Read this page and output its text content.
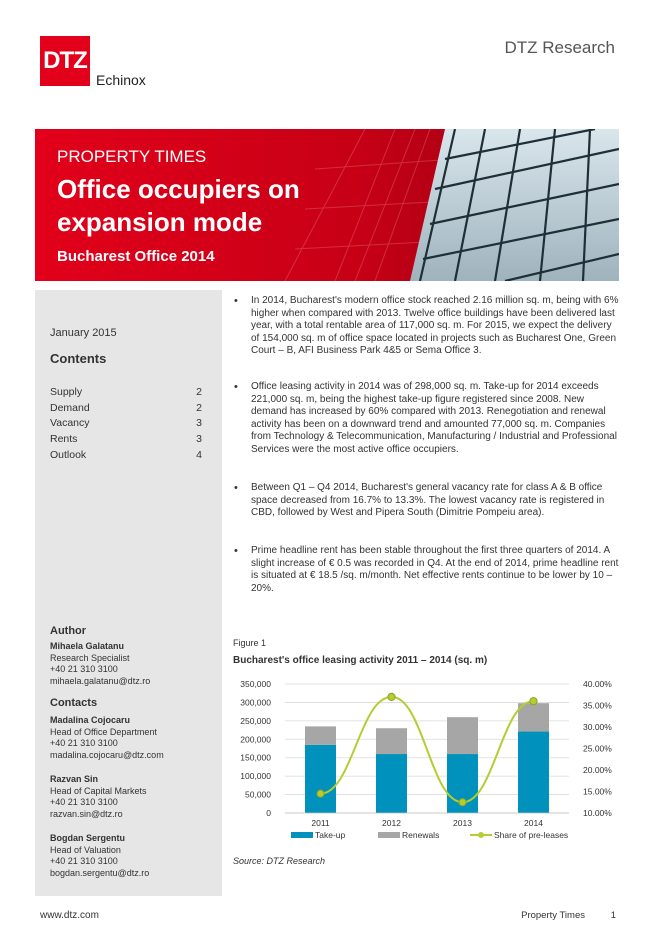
DTZ
Echinox
DTZ Research
PROPERTY TIMES
Office occupiers on expansion mode
Bucharest Office 2014
January 2015
Contents
Supply	2
Demand	2
Vacancy	3
Rents	3
Outlook	4
Author
Mihaela Galatanu
Research Specialist
+40 21 310 3100
mihaela.galatanu@dtz.ro
Contacts
Madalina Cojocaru
Head of Office Department
+40 21 310 3100
madalina.cojocaru@dtz.com
Razvan Sin
Head of Capital Markets
+40 21 310 3100
razvan.sin@dtz.ro
Bogdan Sergentu
Head of Valuation
+40 21 310 3100
bogdan.sergentu@dtz.ro
• In 2014, Bucharest's modern office stock reached 2.16 million sq. m, being with 6% higher when compared with 2013. Twelve office buildings have been delivered last year, with a total rentable area of 117,000 sq. m. For 2015, we expect the delivery of 154,000 sq. m of office space located in projects such as Bucharest One, Green Court – B, AFI Business Park 4&5 or Sema Office 3.
• Office leasing activity in 2014 was of 298,000 sq. m. Take-up for 2014 exceeds 221,000 sq. m, being the highest take-up figure registered since 2008. New demand has increased by 60% compared with 2013. Renegotiation and renewal activity has been on a downward trend and amounted 77,000 sq. m. Companies from Technology & Telecommunication, Manufacturing / Industrial and Professional Services were the most active office occupiers.
• Between Q1 – Q4 2014, Bucharest's general vacancy rate for class A & B office space decreased from 16.7% to 13.3%. The lowest vacancy rate is registered in CBD, followed by West and Pipera South (Dimitrie Pompeiu area).
• Prime headline rent has been stable throughout the first three quarters of 2014. A slight increase of € 0.5 was recorded in Q4. At the end of 2014, prime headline rent is situated at € 18.5 /sq. m/month. Net effective rents continue to be lower by 10 – 20%.
Figure 1
Bucharest's office leasing activity 2011 – 2014 (sq. m)
0
50,000
100,000
150,000
200,000
250,000
300,000
350,000
10.00%
15.00%
20.00%
25.00%
30.00%
35.00%
40.00%
2011	2012	2013	2014
Take-up	Renewals	Share of pre-leases
Source: DTZ Research
www.dtz.com	Property Times	1
